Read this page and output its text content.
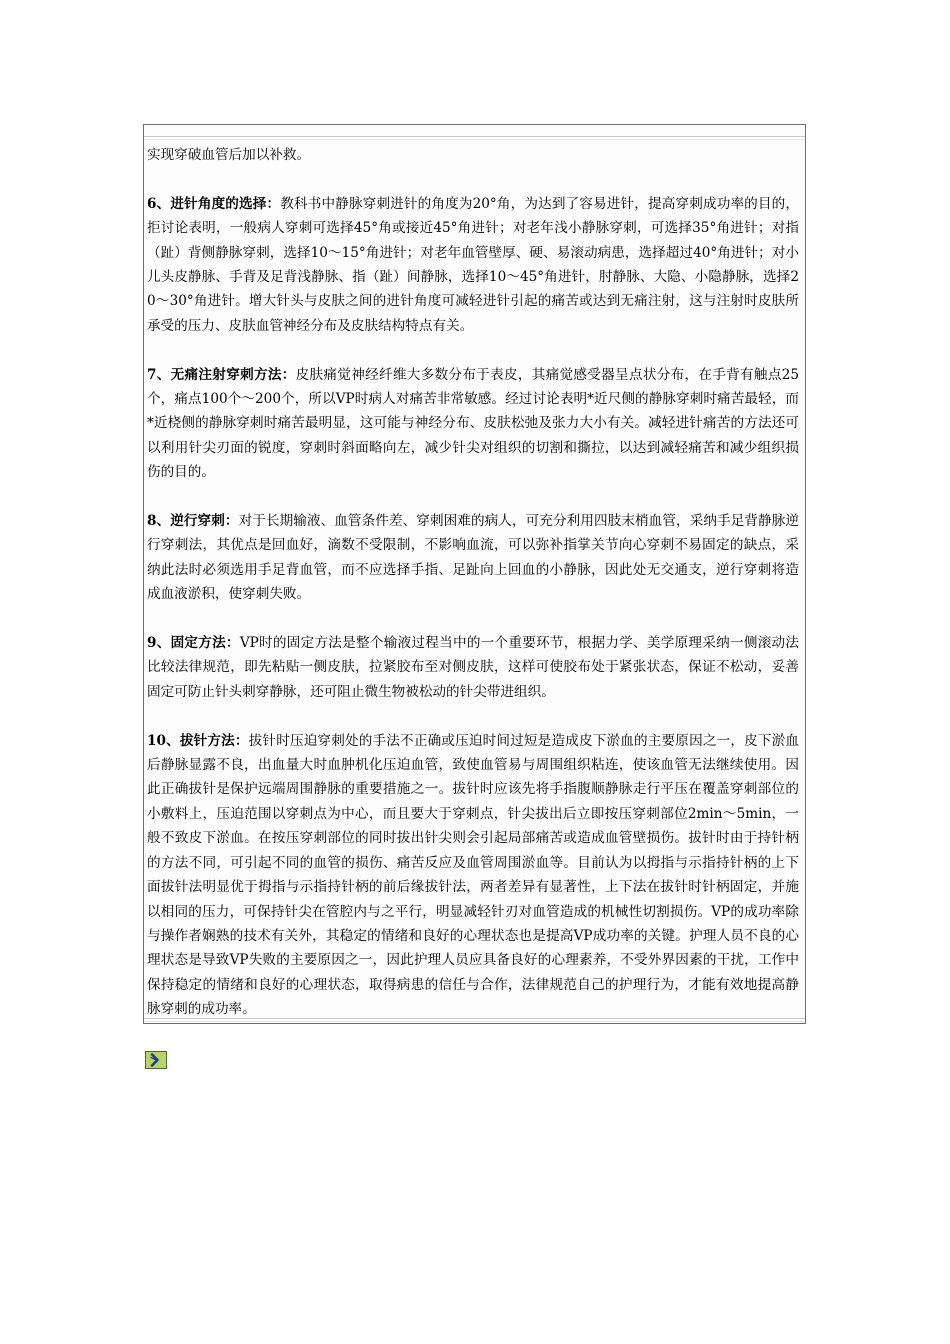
实现穿破血管后加以补救。

6、进针角度的选择：教科书中静脉穿刺进针的角度为20°角，为达到了容易进针，提高穿刺成功率的目的，拒讨论表明，一般病人穿刺可选择45°角或接近45°角进针；对老年浅小静脉穿刺，可选择35°角进针；对指（趾）背侧静脉穿刺，选择10～15°角进针；对老年血管壁厚、硬、易滚动病患，选择超过40°角进针；对小儿头皮静脉、手背及足背浅静脉、指（趾）间静脉，选择10～45°角进针，肘静脉、大隐、小隐静脉，选择20～30°角进针。增大针头与皮肤之间的进针角度可减轻进针引起的痛苦或达到无痛注射，这与注射时皮肤所承受的压力、皮肤血管神经分布及皮肤结构特点有关。

7、无痛注射穿刺方法：皮肤痛觉神经纤维大多数分布于表皮，其痛觉感受器呈点状分布，在手背有触点25个，痛点100个～200个，所以VP时病人对痛苦非常敏感。经过讨论表明*近尺侧的静脉穿刺时痛苦最轻，而*近桡侧的静脉穿刺时痛苦最明显，这可能与神经分布、皮肤松弛及张力大小有关。减轻进针痛苦的方法还可以利用针尖刃面的锐度，穿刺时斜面略向左，减少针尖对组织的切割和撕拉，以达到减轻痛苦和减少组织损伤的目的。

8、逆行穿刺：对于长期输液、血管条件差、穿刺困难的病人，可充分利用四肢末梢血管，采纳手足背静脉逆行穿刺法，其优点是回血好，滴数不受限制，不影响血流，可以弥补指掌关节向心穿刺不易固定的缺点，采纳此法时必须选用手足背血管，而不应选择手指、足趾向上回血的小静脉，因此处无交通支，逆行穿刺将造成血液淤积，使穿刺失败。

9、固定方法：VP时的固定方法是整个输液过程当中的一个重要环节，根据力学、美学原理采纳一侧滚动法比较法律规范，即先粘贴一侧皮肤，拉紧胶布至对侧皮肤，这样可使胶布处于紧张状态，保证不松动，妥善固定可防止针头刺穿静脉，还可阻止微生物被松动的针尖带进组织。

10、拔针方法：拔针时压迫穿刺处的手法不正确或压迫时间过短是造成皮下淤血的主要原因之一，皮下淤血后静脉显露不良，出血量大时血肿机化压迫血管，致使血管易与周围组织粘连，使该血管无法继续使用。因此正确拔针是保护远端周围静脉的重要措施之一。拔针时应该先将手指腹顺静脉走行平压在覆盖穿刺部位的小敷料上，压迫范围以穿刺点为中心，而且要大于穿刺点，针尖拔出后立即按压穿刺部位2min～5min，一般不致皮下淤血。在按压穿刺部位的同时拔出针尖则会引起局部痛苦或造成血管壁损伤。拔针时由于持针柄的方法不同，可引起不同的血管的损伤、痛苦反应及血管周围淤血等。目前认为以拇指与示指持针柄的上下面拔针法明显优于拇指与示指持针柄的前后缘拔针法，两者差异有显著性，上下法在拔针时针柄固定，并施以相同的压力，可保持针尖在管腔内与之平行，明显减轻针刃对血管造成的机械性切割损伤。VP的成功率除与操作者娴熟的技术有关外，其稳定的情绪和良好的心理状态也是提高VP成功率的关键。护理人员不良的心理状态是导致VP失败的主要原因之一，因此护理人员应具备良好的心理素养，不受外界因素的干扰，工作中保持稳定的情绪和良好的心理状态，取得病患的信任与合作，法律规范自己的护理行为，才能有效地提高静脉穿刺的成功率。
